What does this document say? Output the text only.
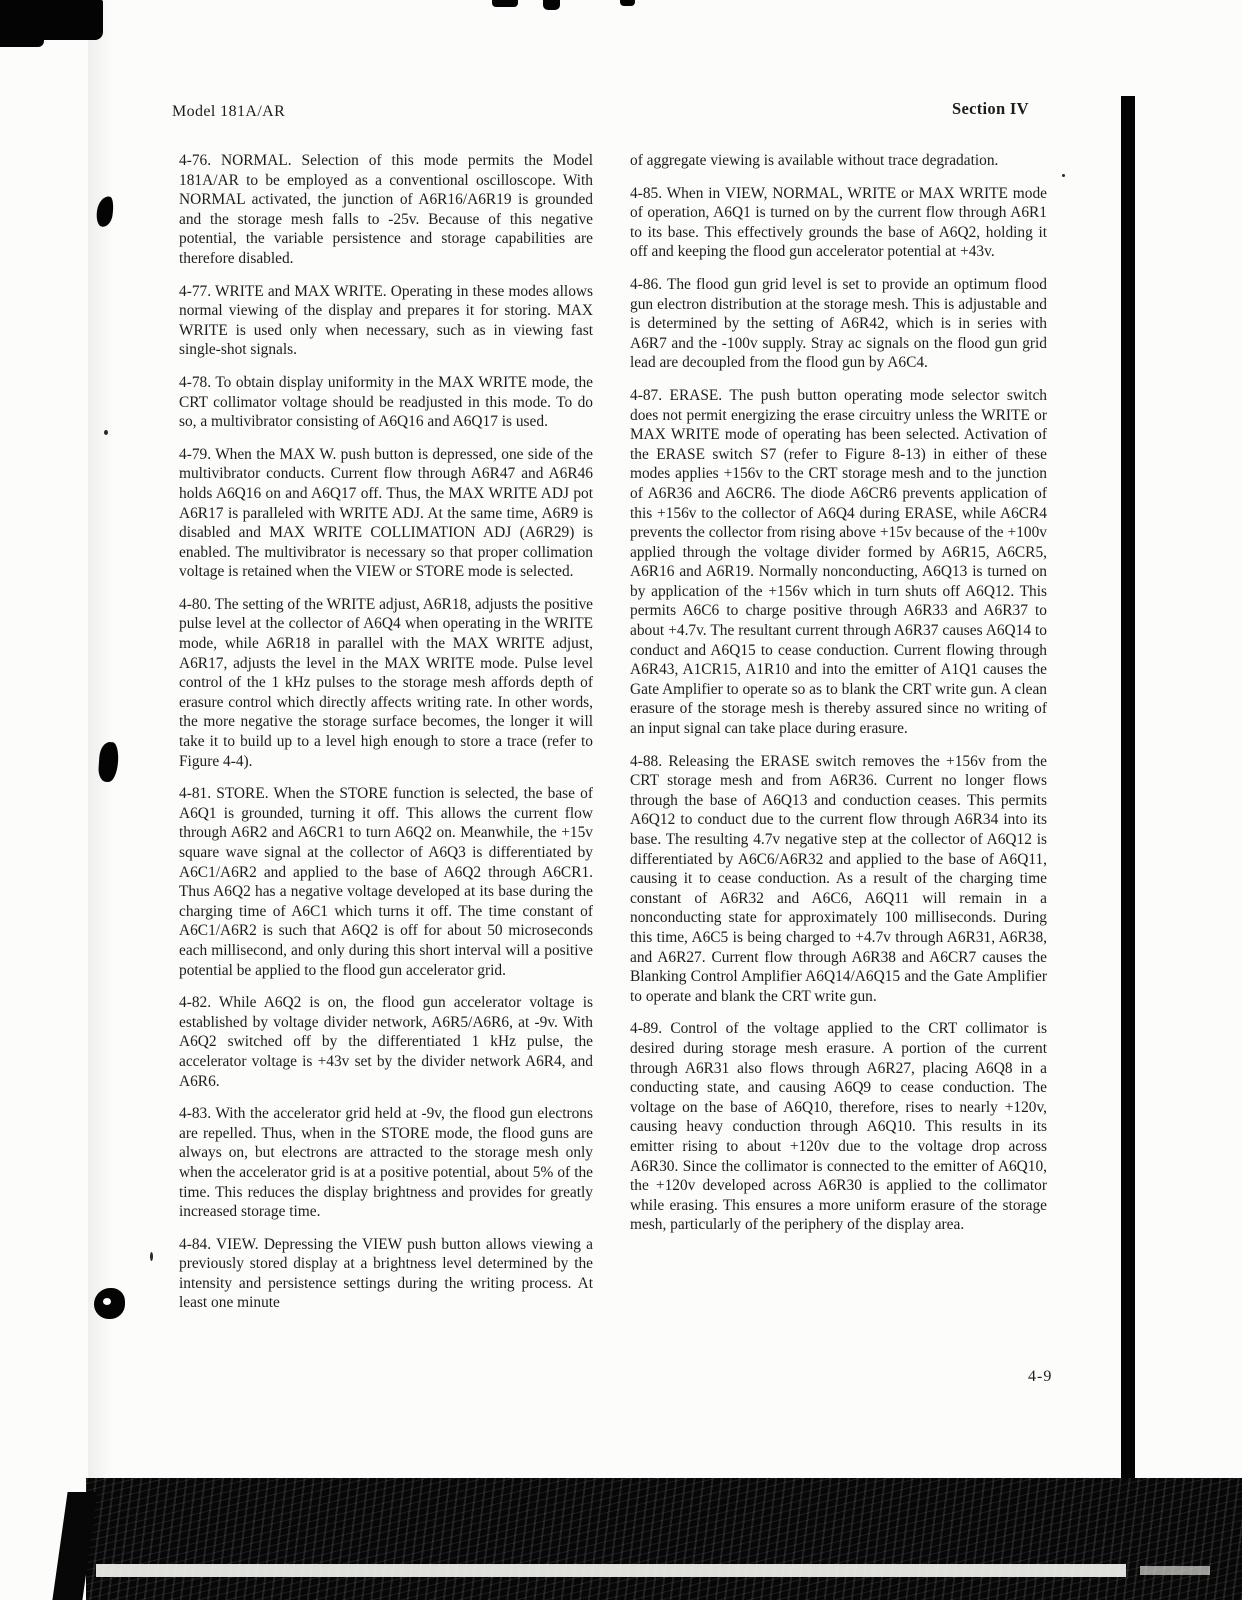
Model 181A/AR	Section IV

4-76. NORMAL. Selection of this mode permits the Model 181A/AR to be employed as a conventional oscilloscope. With NORMAL activated, the junction of A6R16/A6R19 is grounded and the storage mesh falls to -25v. Because of this negative potential, the variable persistence and storage capabilities are therefore disabled.

4-77. WRITE and MAX WRITE. Operating in these modes allows normal viewing of the display and prepares it for storing. MAX WRITE is used only when necessary, such as in viewing fast single-shot signals.

4-78. To obtain display uniformity in the MAX WRITE mode, the CRT collimator voltage should be readjusted in this mode. To do so, a multivibrator consisting of A6Q16 and A6Q17 is used.

4-79. When the MAX W. push button is depressed, one side of the multivibrator conducts. Current flow through A6R47 and A6R46 holds A6Q16 on and A6Q17 off. Thus, the MAX WRITE ADJ pot A6R17 is paralleled with WRITE ADJ. At the same time, A6R9 is disabled and MAX WRITE COLLIMATION ADJ (A6R29) is enabled. The multivibrator is necessary so that proper collimation voltage is retained when the VIEW or STORE mode is selected.

4-80. The setting of the WRITE adjust, A6R18, adjusts the positive pulse level at the collector of A6Q4 when operating in the WRITE mode, while A6R18 in parallel with the MAX WRITE adjust, A6R17, adjusts the level in the MAX WRITE mode. Pulse level control of the 1 kHz pulses to the storage mesh affords depth of erasure control which directly affects writing rate. In other words, the more negative the storage surface becomes, the longer it will take it to build up to a level high enough to store a trace (refer to Figure 4-4).

4-81. STORE. When the STORE function is selected, the base of A6Q1 is grounded, turning it off. This allows the current flow through A6R2 and A6CR1 to turn A6Q2 on. Meanwhile, the +15v square wave signal at the collector of A6Q3 is differentiated by A6C1/A6R2 and applied to the base of A6Q2 through A6CR1. Thus A6Q2 has a negative voltage developed at its base during the charging time of A6C1 which turns it off. The time constant of A6C1/A6R2 is such that A6Q2 is off for about 50 microseconds each millisecond, and only during this short interval will a positive potential be applied to the flood gun accelerator grid.

4-82. While A6Q2 is on, the flood gun accelerator voltage is established by voltage divider network, A6R5/A6R6, at -9v. With A6Q2 switched off by the differentiated 1 kHz pulse, the accelerator voltage is +43v set by the divider network A6R4, and A6R6.

4-83. With the accelerator grid held at -9v, the flood gun electrons are repelled. Thus, when in the STORE mode, the flood guns are always on, but electrons are attracted to the storage mesh only when the accelerator grid is at a positive potential, about 5% of the time. This reduces the display brightness and provides for greatly increased storage time.

4-84. VIEW. Depressing the VIEW push button allows viewing a previously stored display at a brightness level determined by the intensity and persistence settings during the writing process. At least one minute

of aggregate viewing is available without trace degradation.

4-85. When in VIEW, NORMAL, WRITE or MAX WRITE mode of operation, A6Q1 is turned on by the current flow through A6R1 to its base. This effectively grounds the base of A6Q2, holding it off and keeping the flood gun accelerator potential at +43v.

4-86. The flood gun grid level is set to provide an optimum flood gun electron distribution at the storage mesh. This is adjustable and is determined by the setting of A6R42, which is in series with A6R7 and the -100v supply. Stray ac signals on the flood gun grid lead are decoupled from the flood gun by A6C4.

4-87. ERASE. The push button operating mode selector switch does not permit energizing the erase circuitry unless the WRITE or MAX WRITE mode of operating has been selected. Activation of the ERASE switch S7 (refer to Figure 8-13) in either of these modes applies +156v to the CRT storage mesh and to the junction of A6R36 and A6CR6. The diode A6CR6 prevents application of this +156v to the collector of A6Q4 during ERASE, while A6CR4 prevents the collector from rising above +15v because of the +100v applied through the voltage divider formed by A6R15, A6CR5, A6R16 and A6R19. Normally nonconducting, A6Q13 is turned on by application of the +156v which in turn shuts off A6Q12. This permits A6C6 to charge positive through A6R33 and A6R37 to about +4.7v. The resultant current through A6R37 causes A6Q14 to conduct and A6Q15 to cease conduction. Current flowing through A6R43, A1CR15, A1R10 and into the emitter of A1Q1 causes the Gate Amplifier to operate so as to blank the CRT write gun. A clean erasure of the storage mesh is thereby assured since no writing of an input signal can take place during erasure.

4-88. Releasing the ERASE switch removes the +156v from the CRT storage mesh and from A6R36. Current no longer flows through the base of A6Q13 and conduction ceases. This permits A6Q12 to conduct due to the current flow through A6R34 into its base. The resulting 4.7v negative step at the collector of A6Q12 is differentiated by A6C6/A6R32 and applied to the base of A6Q11, causing it to cease conduction. As a result of the charging time constant of A6R32 and A6C6, A6Q11 will remain in a nonconducting state for approximately 100 milliseconds. During this time, A6C5 is being charged to +4.7v through A6R31, A6R38, and A6R27. Current flow through A6R38 and A6CR7 causes the Blanking Control Amplifier A6Q14/A6Q15 and the Gate Amplifier to operate and blank the CRT write gun.

4-89. Control of the voltage applied to the CRT collimator is desired during storage mesh erasure. A portion of the current through A6R31 also flows through A6R27, placing A6Q8 in a conducting state, and causing A6Q9 to cease conduction. The voltage on the base of A6Q10, therefore, rises to nearly +120v, causing heavy conduction through A6Q10. This results in its emitter rising to about +120v due to the voltage drop across A6R30. Since the collimator is connected to the emitter of A6Q10, the +120v developed across A6R30 is applied to the collimator while erasing. This ensures a more uniform erasure of the storage mesh, particularly of the periphery of the display area.

4-9
